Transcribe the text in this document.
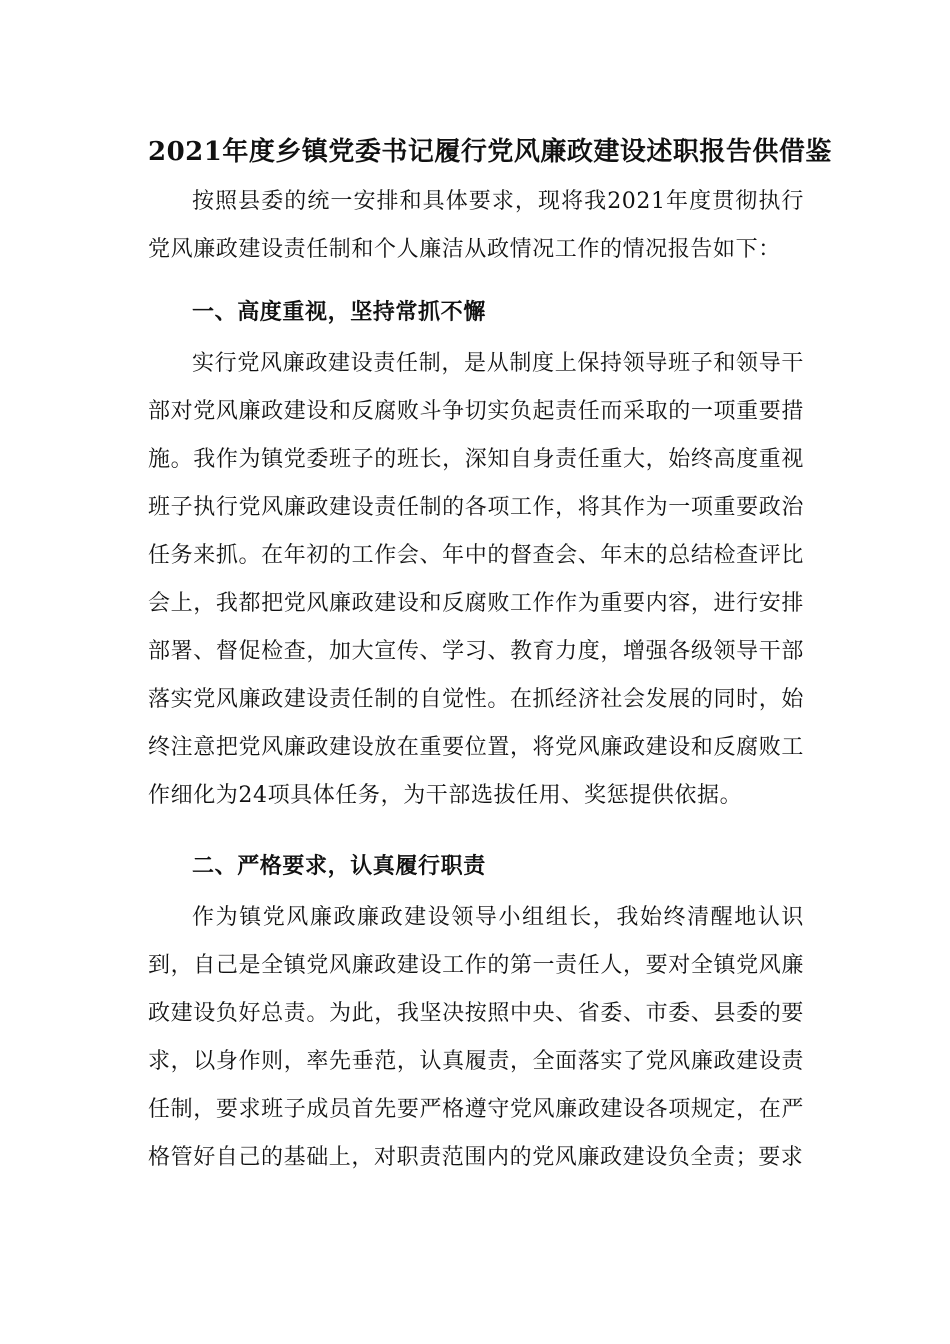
2021年度乡镇党委书记履行党风廉政建设述职报告供借鉴

按照县委的统一安排和具体要求，现将我2021年度贯彻执行党风廉政建设责任制和个人廉洁从政情况工作的情况报告如下：

一、高度重视，坚持常抓不懈

实行党风廉政建设责任制，是从制度上保持领导班子和领导干部对党风廉政建设和反腐败斗争切实负起责任而采取的一项重要措施。我作为镇党委班子的班长，深知自身责任重大，始终高度重视班子执行党风廉政建设责任制的各项工作，将其作为一项重要政治任务来抓。在年初的工作会、年中的督查会、年末的总结检查评比会上，我都把党风廉政建设和反腐败工作作为重要内容，进行安排部署、督促检查，加大宣传、学习、教育力度，增强各级领导干部落实党风廉政建设责任制的自觉性。在抓经济社会发展的同时，始终注意把党风廉政建设放在重要位置，将党风廉政建设和反腐败工作细化为24项具体任务，为干部选拔任用、奖惩提供依据。

二、严格要求，认真履行职责

作为镇党风廉政廉政建设领导小组组长，我始终清醒地认识到，自己是全镇党风廉政建设工作的第一责任人，要对全镇党风廉政建设负好总责。为此，我坚决按照中央、省委、市委、县委的要求，以身作则，率先垂范，认真履责，全面落实了党风廉政建设责任制，要求班子成员首先要严格遵守党风廉政建设各项规定，在严格管好自己的基础上，对职责范围内的党风廉政建设负全责；要求
